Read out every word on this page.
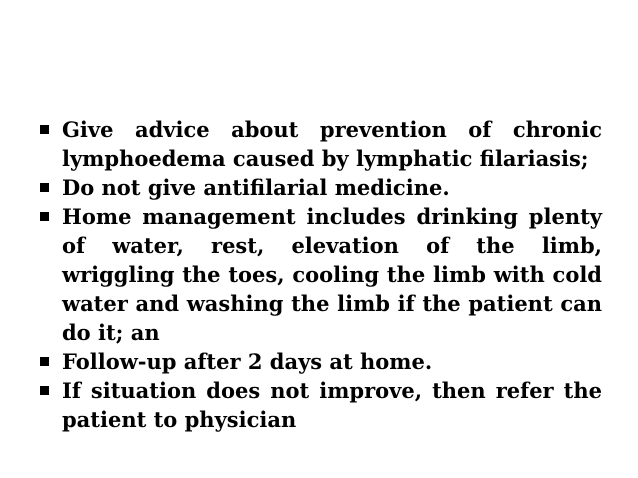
Give advice about prevention of chronic lymphoedema caused by lymphatic filariasis;
Do not give antifilarial medicine.
Home management includes drinking plenty of water, rest, elevation of the limb, wriggling the toes, cooling the limb with cold water and washing the limb if the patient can do it; an
Follow-up after 2 days at home.
If situation does not improve, then refer the patient to physician
